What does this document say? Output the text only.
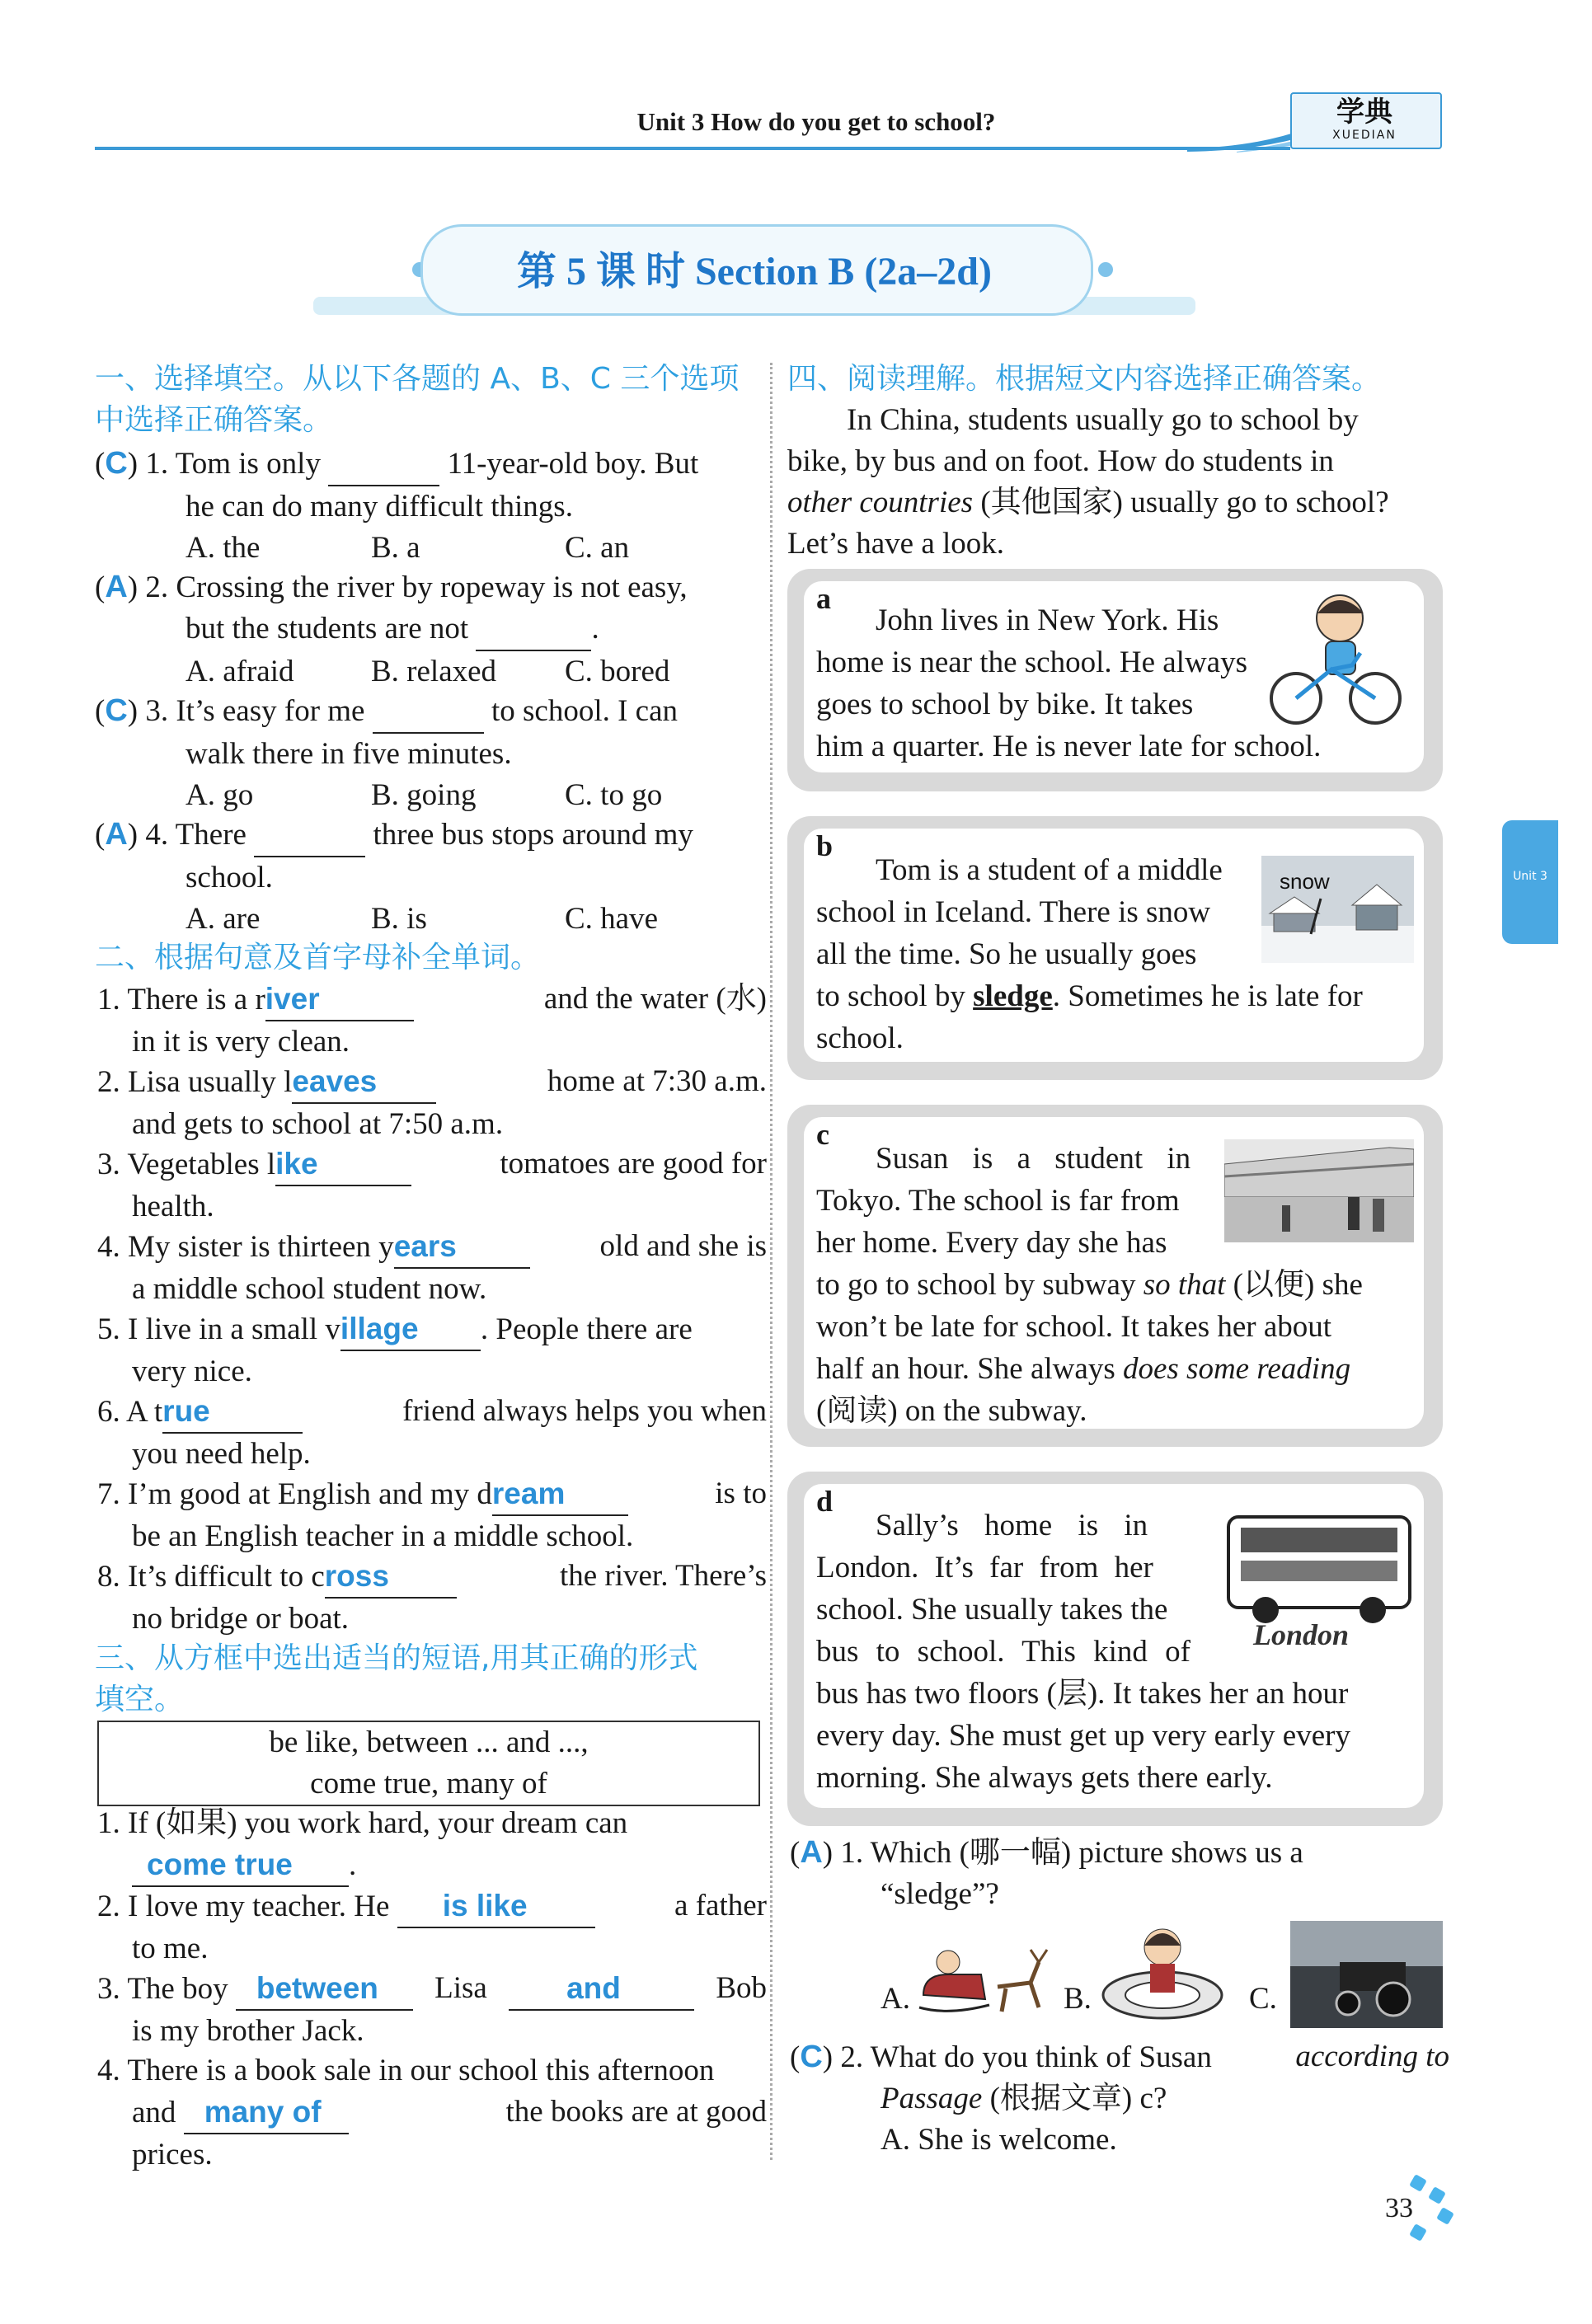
Unit 3 How do you get to school?	学典
XUEDIAN
第 5 课 时 Section B (2a–2d)
一、选择填空。从以下各题的 A、B、C 三个选项
中选择正确答案。
(C) 1. Tom is only	11-year-old boy. But
he can do many difficult things.
A. the	B. a	C. an
(A) 2. Crossing the river by ropeway is not easy,
but the students are not	.
A. afraid	B. relaxed C. bored
(C) 3. It’s easy for me	to school. I can
walk there in five minutes.
A. go	B. going	C. to go
(A) 4. There	three bus stops around my
school.
A. are	B. is	C. have
二、根据句意及首字母补全单词。
1. There is a river	and the water (水)
in it is very clean.
2. Lisa usually leaves	home at 7:30 a.m.
and gets to school at 7:50 a.m.
3. Vegetables like	tomatoes are good for
health.
4. My sister is thirteen years	old and she is
a middle school student now.
5. I live in a small village . People there are
very nice.
6. A true	friend always helps you when
you need help.
7. I’m good at English and my dream	is to
be an English teacher in a middle school.
8. It’s difficult to cross	the river. There’s
no bridge or boat.
三、从方框中选出适当的短语,用其正确的形式
填空。
be like, between ... and ...,
come true, many of
1. If (如果) you work hard, your dream can
come true .
2. I love my teacher. He is like	a father
to me.
3. The boy between	Lisa	and	Bob
is my brother Jack.
4. There is a book sale in our school this afternoon
and many of	the books are at good
prices.
四、阅读理解。根据短文内容选择正确答案。
In China, students usually go to school by
bike, by bus and on foot. How do students in
other countries (其他国家) usually go to school?
Let’s have a look.
a
John lives in New York. His
home is near the school. He always
goes to school by bike. It takes
him a quarter. He is never late for school.
b
Tom is a student of a middle
school in Iceland. There is snow
all the time. So he usually goes
to school by sledge. Sometimes he is late for
school.
snow
c
Susan is a student in
Tokyo. The school is far from
her home. Every day she has
to go to school by subway so that (以便) she
won’t be late for school. It takes her about
half an hour. She always does some reading
(阅读) on the subway.
d
Sally’s home is in
London. It’s far from her
school. She usually takes the
bus to school. This kind of
bus has two floors (层). It takes her an hour
every day. She must get up very early every
morning. She always gets there early.
London
(A) 1. Which (哪一幅) picture shows us a
“sledge”?
A.	B.	C.
(C) 2. What do you think of Susan	according to
Passage (根据文章) c?
A. She is welcome.
Unit 3
33
